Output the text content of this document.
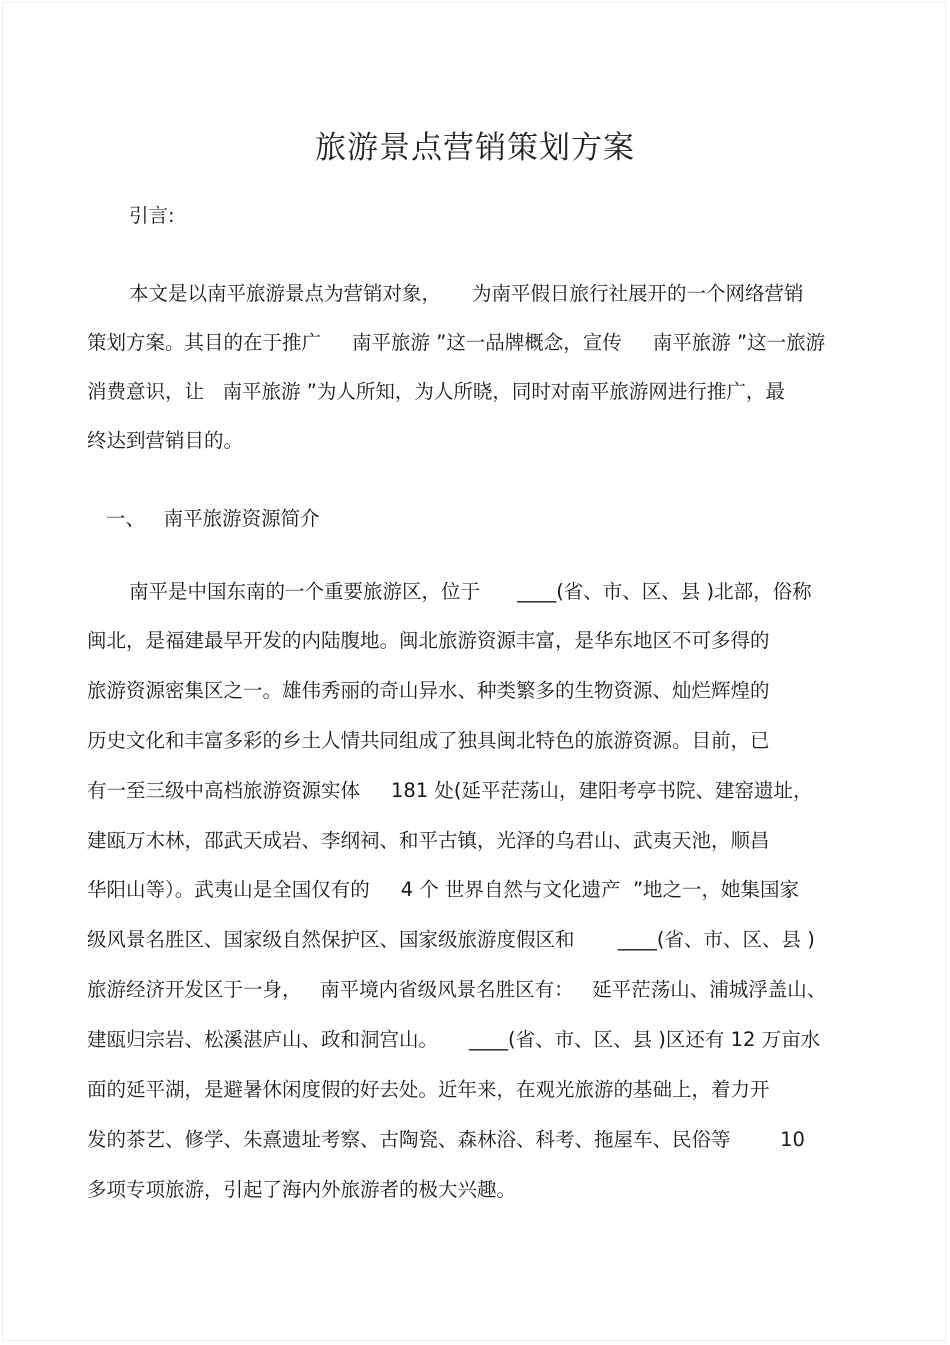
旅游景点营销策划方案
引言:
本文是以南平旅游景点为营销对象，     为南平假日旅行社展开的一个网络营销
策划方案。其目的在于推广     南平旅游 ”这一品牌概念，宣传     南平旅游 ”这一旅游
消费意识，让   南平旅游 ”为人所知，为人所晓，同时对南平旅游网进行推广，最
终达到营销目的。
一、   南平旅游资源简介
南平是中国东南的一个重要旅游区，位于      ____(省、市、区、县 )北部，俗称
闽北，是福建最早开发的内陆腹地。闽北旅游资源丰富，是华东地区不可多得的
旅游资源密集区之一。雄伟秀丽的奇山异水、种类繁多的生物资源、灿烂辉煌的
历史文化和丰富多彩的乡土人情共同组成了独具闽北特色的旅游资源。目前，已
有一至三级中高档旅游资源实体     181 处(延平茫荡山，建阳考亭书院、建窑遗址，
建瓯万木林，邵武天成岩、李纲祠、和平古镇，光泽的乌君山、武夷天池，顺昌
华阳山等）。武夷山是全国仅有的     4 个 世界自然与文化遗产  ”地之一，她集国家
级风景名胜区、国家级自然保护区、国家级旅游度假区和       ____(省、市、区、县 )
旅游经济开发区于一身，   南平境内省级风景名胜区有：   延平茫荡山、浦城浮盖山、
建瓯归宗岩、松溪湛庐山、政和洞宫山。     ____(省、市、区、县 )区还有 12 万亩水
面的延平湖，是避暑休闲度假的好去处。近年来，在观光旅游的基础上，着力开
发的茶艺、修学、朱熹遗址考察、古陶瓷、森林浴、科考、拖屋车、民俗等        10
多项专项旅游，引起了海内外旅游者的极大兴趣。
